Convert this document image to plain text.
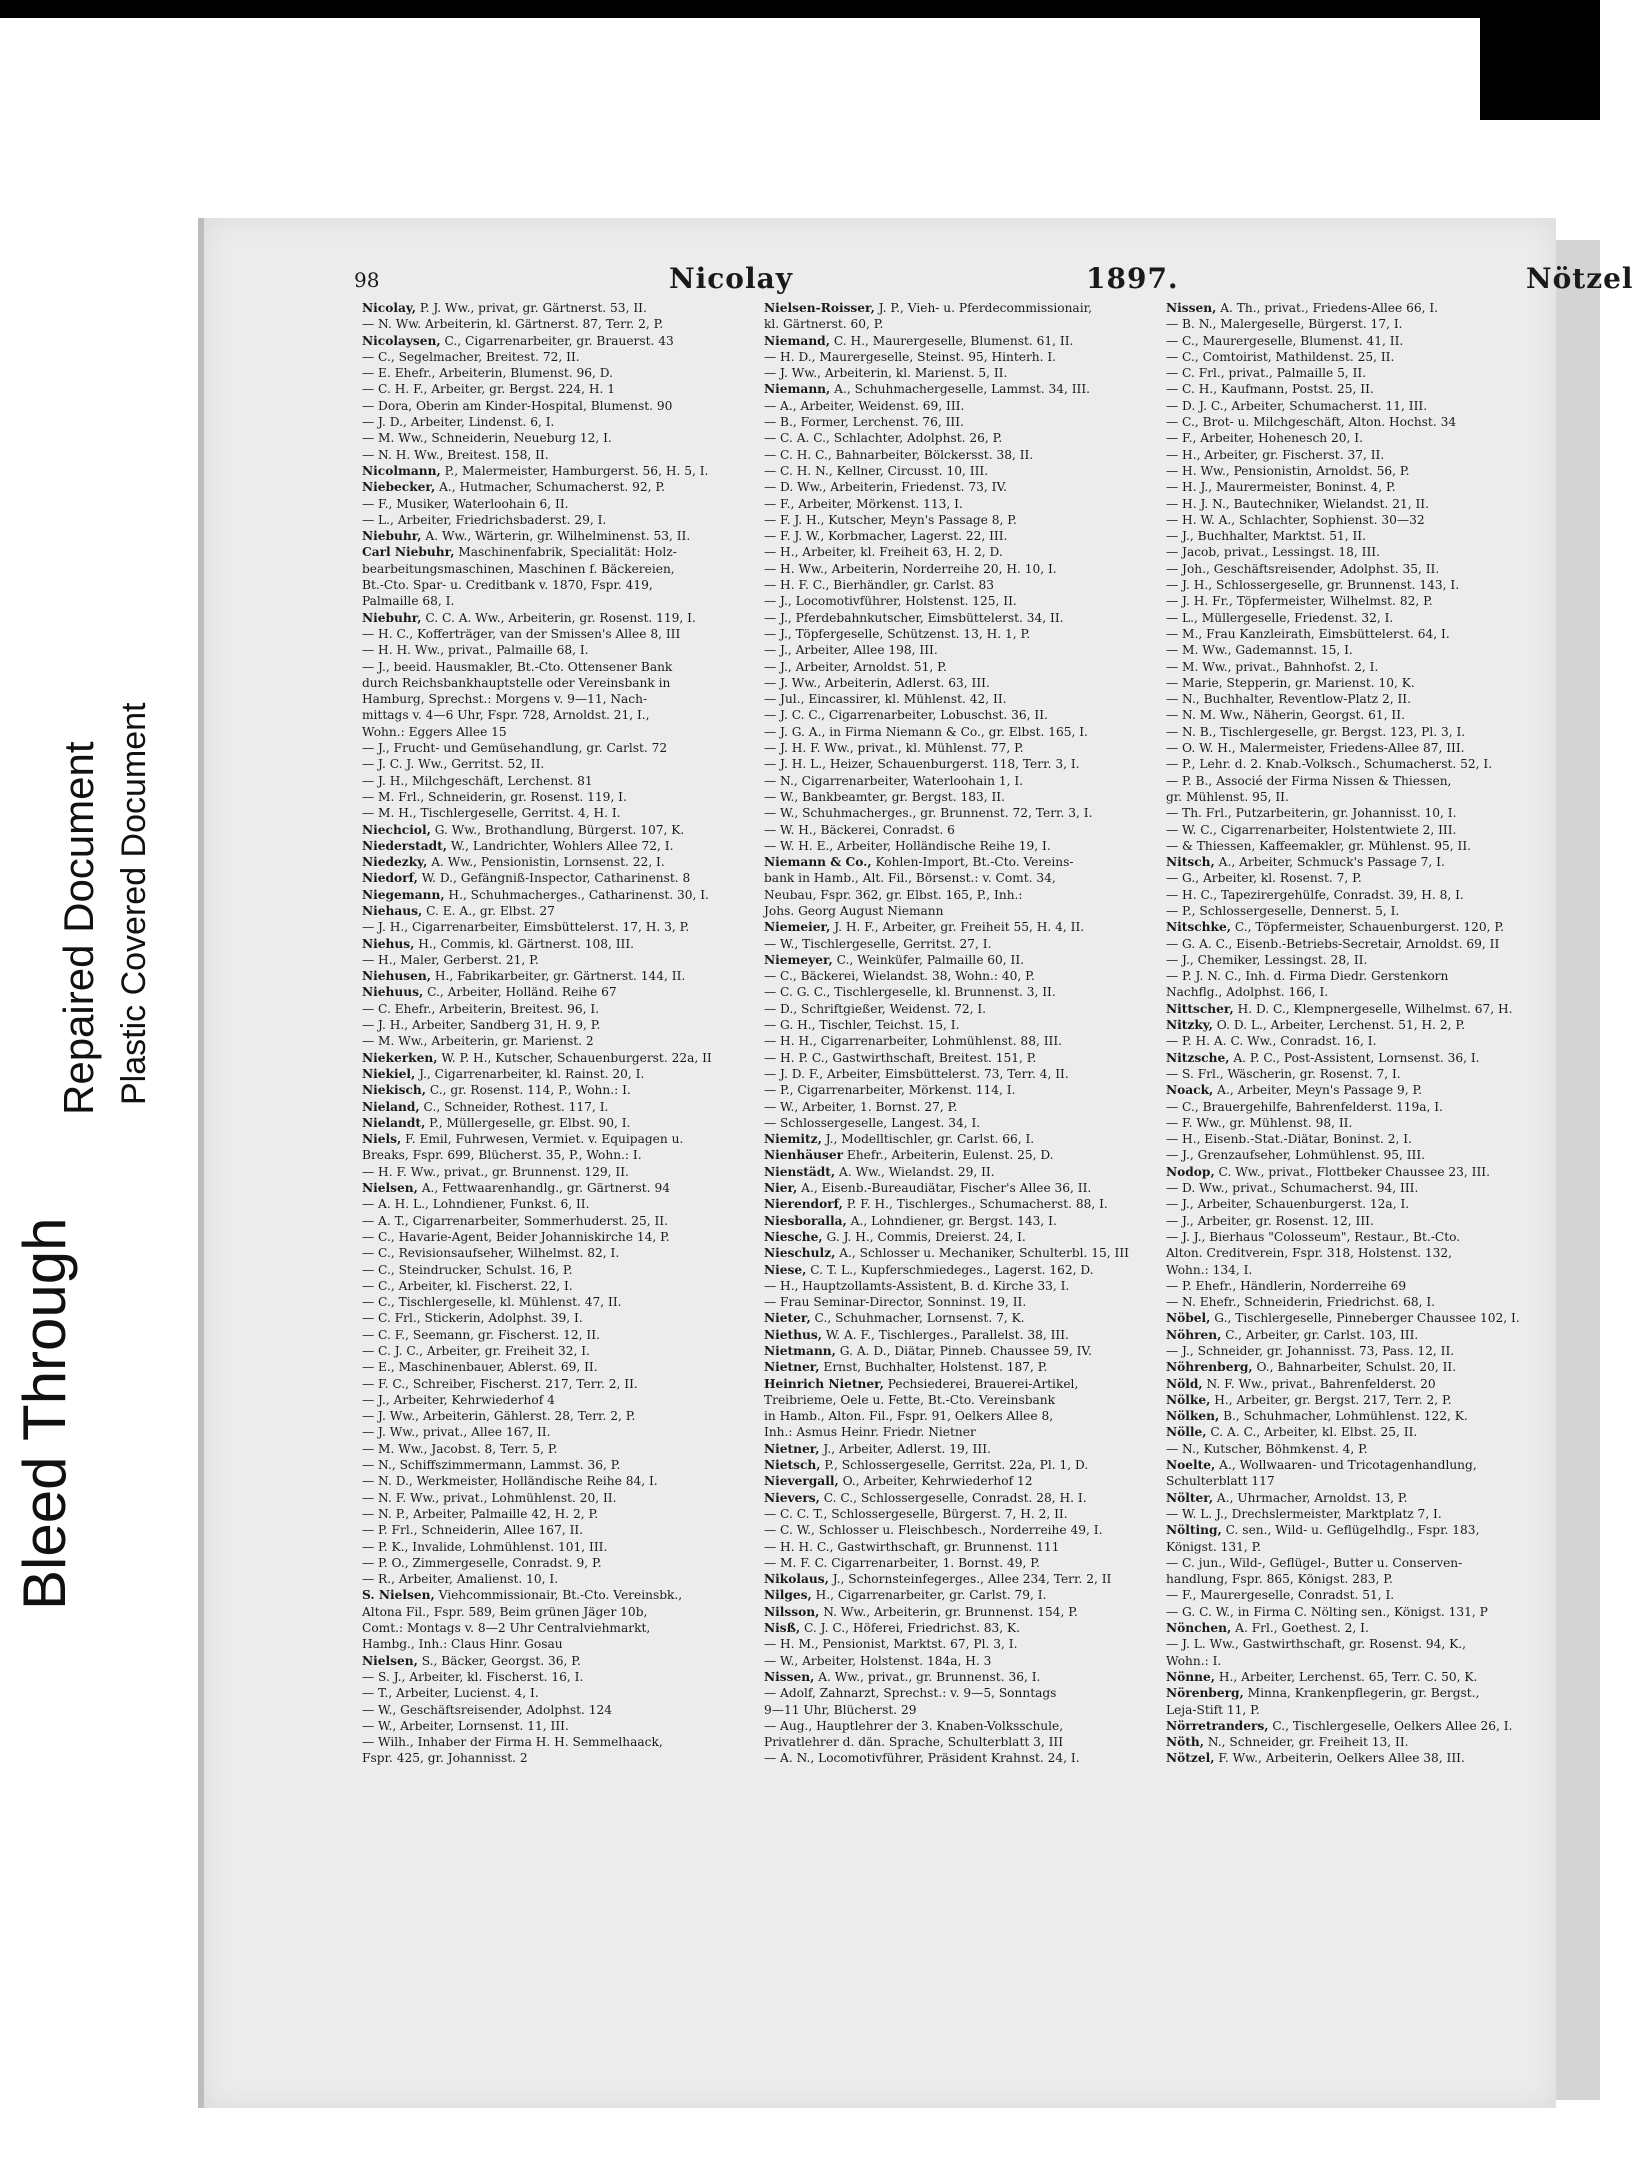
Bleed Through
Repaired Document Plastic Covered Document
98	Nicolay	1897.	Nötzel
Nicolay, P. J. Ww., privat, gr. Gärtnerst. 53, II.
— N. Ww. Arbeiterin, kl. Gärtnerst. 87, Terr. 2, P.
Nicolaysen, C., Cigarrenarbeiter, gr. Brauerst. 43
— C., Segelmacher, Breitest. 72, II.
— E. Ehefr., Arbeiterin, Blumenst. 96, D.
— C. H. F., Arbeiter, gr. Bergst. 224, H. 1
— Dora, Oberin am Kinder-Hospital, Blumenst. 90
— J. D., Arbeiter, Lindenst. 6, I.
— M. Ww., Schneiderin, Neueburg 12, I.
— N. H. Ww., Breitest. 158, II.
Nicolmann, P., Malermeister, Hamburgerst. 56, H. 5, I.
Niebecker, A., Hutmacher, Schumacherst. 92, P.
— F., Musiker, Waterloohain 6, II.
— L., Arbeiter, Friedrichsbaderst. 29, I.
Niebuhr, A. Ww., Wärterin, gr. Wilhelminenst. 53, II.
Carl Niebuhr, Maschinenfabrik, Specialität: Holz-
bearbeitungsmaschinen, Maschinen f. Bäckereien,
Bt.-Cto. Spar- u. Creditbank v. 1870, Fspr. 419,
Palmaille 68, I.
Niebuhr, C. C. A. Ww., Arbeiterin, gr. Rosenst. 119, I.
— H. C., Kofferträger, van der Smissen's Allee 8, III
— H. H. Ww., privat., Palmaille 68, I.
— J., beeid. Hausmakler, Bt.-Cto. Ottensener Bank
durch Reichsbankhauptstelle oder Vereinsbank in
Hamburg, Sprechst.: Morgens v. 9—11, Nach-
mittags v. 4—6 Uhr, Fspr. 728, Arnoldst. 21, I.,
Wohn.: Eggers Allee 15
— J., Frucht- und Gemüsehandlung, gr. Carlst. 72
— J. C. J. Ww., Gerritst. 52, II.
— J. H., Milchgeschäft, Lerchenst. 81
— M. Frl., Schneiderin, gr. Rosenst. 119, I.
— M. H., Tischlergeselle, Gerritst. 4, H. I.
Niechciol, G. Ww., Brothandlung, Bürgerst. 107, K.
Niederstadt, W., Landrichter, Wohlers Allee 72, I.
Niedezky, A. Ww., Pensionistin, Lornsenst. 22, I.
Niedorf, W. D., Gefängniß-Inspector, Catharinenst. 8
Niegemann, H., Schuhmacherges., Catharinenst. 30, I.
Niehaus, C. E. A., gr. Elbst. 27
— J. H., Cigarrenarbeiter, Eimsbüttelerst. 17, H. 3, P.
Niehus, H., Commis, kl. Gärtnerst. 108, III.
— H., Maler, Gerberst. 21, P.
Niehusen, H., Fabrikarbeiter, gr. Gärtnerst. 144, II.
Niehuus, C., Arbeiter, Holländ. Reihe 67
— C. Ehefr., Arbeiterin, Breitest. 96, I.
— J. H., Arbeiter, Sandberg 31, H. 9, P.
— M. Ww., Arbeiterin, gr. Marienst. 2
Niekerken, W. P. H., Kutscher, Schauenburgerst. 22a, II
Niekiel, J., Cigarrenarbeiter, kl. Rainst. 20, I.
Niekisch, C., gr. Rosenst. 114, P., Wohn.: I.
Nieland, C., Schneider, Rothest. 117, I.
Nielandt, P., Müllergeselle, gr. Elbst. 90, I.
Niels, F. Emil, Fuhrwesen, Vermiet. v. Equipagen u.
Breaks, Fspr. 699, Blücherst. 35, P., Wohn.: I.
— H. F. Ww., privat., gr. Brunnenst. 129, II.
Nielsen, A., Fettwaarenhandlg., gr. Gärtnerst. 94
— A. H. L., Lohndiener, Funkst. 6, II.
— A. T., Cigarrenarbeiter, Sommerhuderst. 25, II.
— C., Havarie-Agent, Beider Johanniskirche 14, P.
— C., Revisionsaufseher, Wilhelmst. 82, I.
— C., Steindrucker, Schulst. 16, P.
— C., Arbeiter, kl. Fischerst. 22, I.
— C., Tischlergeselle, kl. Mühlenst. 47, II.
— C. Frl., Stickerin, Adolphst. 39, I.
— C. F., Seemann, gr. Fischerst. 12, II.
— C. J. C., Arbeiter, gr. Freiheit 32, I.
— E., Maschinenbauer, Ablerst. 69, II.
— F. C., Schreiber, Fischerst. 217, Terr. 2, II.
— J., Arbeiter, Kehrwiederhof 4
— J. Ww., Arbeiterin, Gählerst. 28, Terr. 2, P.
— J. Ww., privat., Allee 167, II.
— M. Ww., Jacobst. 8, Terr. 5, P.
— N., Schiffszimmermann, Lammst. 36, P.
— N. D., Werkmeister, Holländische Reihe 84, I.
— N. F. Ww., privat., Lohmühlenst. 20, II.
— N. P., Arbeiter, Palmaille 42, H. 2, P.
— P. Frl., Schneiderin, Allee 167, II.
— P. K., Invalide, Lohmühlenst. 101, III.
— P. O., Zimmergeselle, Conradst. 9, P.
— R., Arbeiter, Amalienst. 10, I.
S. Nielsen, Viehcommissionair, Bt.-Cto. Vereinsbk.,
Altona Fil., Fspr. 589, Beim grünen Jäger 10b,
Comt.: Montags v. 8—2 Uhr Centralviehmarkt,
Hambg., Inh.: Claus Hinr. Gosau
Nielsen, S., Bäcker, Georgst. 36, P.
— S. J., Arbeiter, kl. Fischerst. 16, I.
— T., Arbeiter, Lucienst. 4, I.
— W., Geschäftsreisender, Adolphst. 124
— W., Arbeiter, Lornsenst. 11, III.
— Wilh., Inhaber der Firma H. H. Semmelhaack,
Fspr. 425, gr. Johannisst. 2
Nielsen-Roisser, J. P., Vieh- u. Pferdecommissionair,
kl. Gärtnerst. 60, P.
Niemand, C. H., Maurergeselle, Blumenst. 61, II.
— H. D., Maurergeselle, Steinst. 95, Hinterh. I.
— J. Ww., Arbeiterin, kl. Marienst. 5, II.
Niemann, A., Schuhmachergeselle, Lammst. 34, III.
— A., Arbeiter, Weidenst. 69, III.
— B., Former, Lerchenst. 76, III.
— C. A. C., Schlachter, Adolphst. 26, P.
— C. H. C., Bahnarbeiter, Bölckersst. 38, II.
— C. H. N., Kellner, Circusst. 10, III.
— D. Ww., Arbeiterin, Friedenst. 73, IV.
— F., Arbeiter, Mörkenst. 113, I.
— F. J. H., Kutscher, Meyn's Passage 8, P.
— F. J. W., Korbmacher, Lagerst. 22, III.
— H., Arbeiter, kl. Freiheit 63, H. 2, D.
— H. Ww., Arbeiterin, Norderreihe 20, H. 10, I.
— H. F. C., Bierhändler, gr. Carlst. 83
— J., Locomotivführer, Holstenst. 125, II.
— J., Pferdebahnkutscher, Eimsbüttelerst. 34, II.
— J., Töpfergeselle, Schützenst. 13, H. 1, P.
— J., Arbeiter, Allee 198, III.
— J., Arbeiter, Arnoldst. 51, P.
— J. Ww., Arbeiterin, Adlerst. 63, III.
— Jul., Eincassirer, kl. Mühlenst. 42, II.
— J. C. C., Cigarrenarbeiter, Lobuschst. 36, II.
— J. G. A., in Firma Niemann & Co., gr. Elbst. 165, I.
— J. H. F. Ww., privat., kl. Mühlenst. 77, P.
— J. H. L., Heizer, Schauenburgerst. 118, Terr. 3, I.
— N., Cigarrenarbeiter, Waterloohain 1, I.
— W., Bankbeamter, gr. Bergst. 183, II.
— W., Schuhmacherges., gr. Brunnenst. 72, Terr. 3, I.
— W. H., Bäckerei, Conradst. 6
— W. H. E., Arbeiter, Holländische Reihe 19, I.
Niemann & Co., Kohlen-Import, Bt.-Cto. Vereins-
bank in Hamb., Alt. Fil., Börsenst.: v. Comt. 34,
Neubau, Fspr. 362, gr. Elbst. 165, P., Inh.:
Johs. Georg August Niemann
Niemeier, J. H. F., Arbeiter, gr. Freiheit 55, H. 4, II.
— W., Tischlergeselle, Gerritst. 27, I.
Niemeyer, C., Weinküfer, Palmaille 60, II.
— C., Bäckerei, Wielandst. 38, Wohn.: 40, P.
— C. G. C., Tischlergeselle, kl. Brunnenst. 3, II.
— D., Schriftgießer, Weidenst. 72, I.
— G. H., Tischler, Teichst. 15, I.
— H. H., Cigarrenarbeiter, Lohmühlenst. 88, III.
— H. P. C., Gastwirthschaft, Breitest. 151, P.
— J. D. F., Arbeiter, Eimsbüttelerst. 73, Terr. 4, II.
— P., Cigarrenarbeiter, Mörkenst. 114, I.
— W., Arbeiter, 1. Bornst. 27, P.
— Schlossergeselle, Langest. 34, I.
Niemitz, J., Modelltischler, gr. Carlst. 66, I.
Nienhäuser Ehefr., Arbeiterin, Eulenst. 25, D.
Nienstädt, A. Ww., Wielandst. 29, II.
Nier, A., Eisenb.-Bureaudiätar, Fischer's Allee 36, II.
Nierendorf, P. F. H., Tischlerges., Schumacherst. 88, I.
Niesboralla, A., Lohndiener, gr. Bergst. 143, I.
Niesche, G. J. H., Commis, Dreierst. 24, I.
Nieschulz, A., Schlosser u. Mechaniker, Schulterbl. 15, III
Niese, C. T. L., Kupferschmiedeges., Lagerst. 162, D.
— H., Hauptzollamts-Assistent, B. d. Kirche 33, I.
— Frau Seminar-Director, Sonninst. 19, II.
Nieter, C., Schuhmacher, Lornsenst. 7, K.
Niethus, W. A. F., Tischlerges., Parallelst. 38, III.
Nietmann, G. A. D., Diätar, Pinneb. Chaussee 59, IV.
Nietner, Ernst, Buchhalter, Holstenst. 187, P.
Heinrich Nietner, Pechsiederei, Brauerei-Artikel,
Treibrieme, Oele u. Fette, Bt.-Cto. Vereinsbank
in Hamb., Alton. Fil., Fspr. 91, Oelkers Allee 8,
Inh.: Asmus Heinr. Friedr. Nietner
Nietner, J., Arbeiter, Adlerst. 19, III.
Nietsch, P., Schlossergeselle, Gerritst. 22a, Pl. 1, D.
Nievergall, O., Arbeiter, Kehrwiederhof 12
Nievers, C. C., Schlossergeselle, Conradst. 28, H. I.
— C. C. T., Schlossergeselle, Bürgerst. 7, H. 2, II.
— C. W., Schlosser u. Fleischbesch., Norderreihe 49, I.
— H. H. C., Gastwirthschaft, gr. Brunnenst. 111
— M. F. C. Cigarrenarbeiter, 1. Bornst. 49, P.
Nikolaus, J., Schornsteinfegerges., Allee 234, Terr. 2, II
Nilges, H., Cigarrenarbeiter, gr. Carlst. 79, I.
Nilsson, N. Ww., Arbeiterin, gr. Brunnenst. 154, P.
Nisß, C. J. C., Höferei, Friedrichst. 83, K.
— H. M., Pensionist, Marktst. 67, Pl. 3, I.
— W., Arbeiter, Holstenst. 184a, H. 3
Nissen, A. Ww., privat., gr. Brunnenst. 36, I.
— Adolf, Zahnarzt, Sprechst.: v. 9—5, Sonntags
9—11 Uhr, Blücherst. 29
— Aug., Hauptlehrer der 3. Knaben-Volksschule,
Privatlehrer d. dän. Sprache, Schulterblatt 3, III
— A. N., Locomotivführer, Präsident Krahnst. 24, I.
Nissen, A. Th., privat., Friedens-Allee 66, I.
— B. N., Malergeselle, Bürgerst. 17, I.
— C., Maurergeselle, Blumenst. 41, II.
— C., Comtoirist, Mathildenst. 25, II.
— C. Frl., privat., Palmaille 5, II.
— C. H., Kaufmann, Postst. 25, II.
— D. J. C., Arbeiter, Schumacherst. 11, III.
— C., Brot- u. Milchgeschäft, Alton. Hochst. 34
— F., Arbeiter, Hohenesch 20, I.
— H., Arbeiter, gr. Fischerst. 37, II.
— H. Ww., Pensionistin, Arnoldst. 56, P.
— H. J., Maurermeister, Boninst. 4, P.
— H. J. N., Bautechniker, Wielandst. 21, II.
— H. W. A., Schlachter, Sophienst. 30—32
— J., Buchhalter, Marktst. 51, II.
— Jacob, privat., Lessingst. 18, III.
— Joh., Geschäftsreisender, Adolphst. 35, II.
— J. H., Schlossergeselle, gr. Brunnenst. 143, I.
— J. H. Fr., Töpfermeister, Wilhelmst. 82, P.
— L., Müllergeselle, Friedenst. 32, I.
— M., Frau Kanzleirath, Eimsbüttelerst. 64, I.
— M. Ww., Gademannst. 15, I.
— M. Ww., privat., Bahnhofst. 2, I.
— Marie, Stepperin, gr. Marienst. 10, K.
— N., Buchhalter, Reventlow-Platz 2, II.
— N. M. Ww., Näherin, Georgst. 61, II.
— N. B., Tischlergeselle, gr. Bergst. 123, Pl. 3, I.
— O. W. H., Malermeister, Friedens-Allee 87, III.
— P., Lehr. d. 2. Knab.-Volksch., Schumacherst. 52, I.
— P. B., Associé der Firma Nissen & Thiessen,
gr. Mühlenst. 95, II.
— Th. Frl., Putzarbeiterin, gr. Johannisst. 10, I.
— W. C., Cigarrenarbeiter, Holstentwiete 2, III.
— & Thiessen, Kaffeemakler, gr. Mühlenst. 95, II.
Nitsch, A., Arbeiter, Schmuck's Passage 7, I.
— G., Arbeiter, kl. Rosenst. 7, P.
— H. C., Tapezirergehülfe, Conradst. 39, H. 8, I.
— P., Schlossergeselle, Dennerst. 5, I.
Nitschke, C., Töpfermeister, Schauenburgerst. 120, P.
— G. A. C., Eisenb.-Betriebs-Secretair, Arnoldst. 69, II
— J., Chemiker, Lessingst. 28, II.
— P. J. N. C., Inh. d. Firma Diedr. Gerstenkorn
Nachflg., Adolphst. 166, I.
Nittscher, H. D. C., Klempnergeselle, Wilhelmst. 67, H.
Nitzky, O. D. L., Arbeiter, Lerchenst. 51, H. 2, P.
— P. H. A. C. Ww., Conradst. 16, I.
Nitzsche, A. P. C., Post-Assistent, Lornsenst. 36, I.
— S. Frl., Wäscherin, gr. Rosenst. 7, I.
Noack, A., Arbeiter, Meyn's Passage 9, P.
— C., Brauergehilfe, Bahrenfelderst. 119a, I.
— F. Ww., gr. Mühlenst. 98, II.
— H., Eisenb.-Stat.-Diätar, Boninst. 2, I.
— J., Grenzaufseher, Lohmühlenst. 95, III.
Nodop, C. Ww., privat., Flottbeker Chaussee 23, III.
— D. Ww., privat., Schumacherst. 94, III.
— J., Arbeiter, Schauenburgerst. 12a, I.
— J., Arbeiter, gr. Rosenst. 12, III.
— J. J., Bierhaus "Colosseum", Restaur., Bt.-Cto.
Alton. Creditverein, Fspr. 318, Holstenst. 132,
Wohn.: 134, I.
— P. Ehefr., Händlerin, Norderreihe 69
— N. Ehefr., Schneiderin, Friedrichst. 68, I.
Nöbel, G., Tischlergeselle, Pinneberger Chaussee 102, I.
Nöhren, C., Arbeiter, gr. Carlst. 103, III.
— J., Schneider, gr. Johannisst. 73, Pass. 12, II.
Nöhrenberg, O., Bahnarbeiter, Schulst. 20, II.
Nöld, N. F. Ww., privat., Bahrenfelderst. 20
Nölke, H., Arbeiter, gr. Bergst. 217, Terr. 2, P.
Nölken, B., Schuhmacher, Lohmühlenst. 122, K.
Nölle, C. A. C., Arbeiter, kl. Elbst. 25, II.
— N., Kutscher, Böhmkenst. 4, P.
Noelte, A., Wollwaaren- und Tricotagenhandlung,
Schulterblatt 117
Nölter, A., Uhrmacher, Arnoldst. 13, P.
— W. L. J., Drechslermeister, Marktplatz 7, I.
Nölting, C. sen., Wild- u. Geflügelhdlg., Fspr. 183,
Königst. 131, P.
— C. jun., Wild-, Geflügel-, Butter u. Conserven-
handlung, Fspr. 865, Königst. 283, P.
— F., Maurergeselle, Conradst. 51, I.
— G. C. W., in Firma C. Nölting sen., Königst. 131, P
Nönchen, A. Frl., Goethest. 2, I.
— J. L. Ww., Gastwirthschaft, gr. Rosenst. 94, K.,
Wohn.: I.
Nönne, H., Arbeiter, Lerchenst. 65, Terr. C. 50, K.
Nörenberg, Minna, Krankenpflegerin, gr. Bergst.,
Leja-Stift 11, P.
Nörretranders, C., Tischlergeselle, Oelkers Allee 26, I.
Nöth, N., Schneider, gr. Freiheit 13, II.
Nötzel, F. Ww., Arbeiterin, Oelkers Allee 38, III.
